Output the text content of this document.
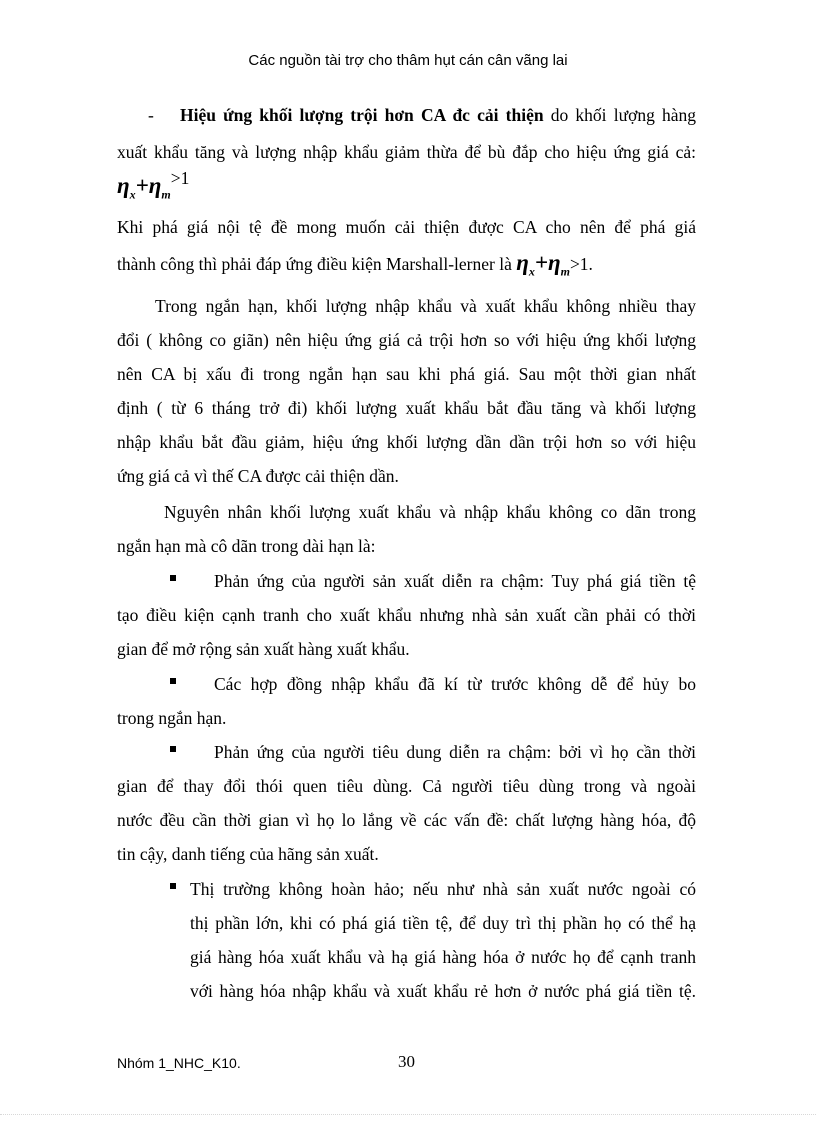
Các nguồn tài trợ cho thâm hụt cán cân vãng lai
- Hiệu ứng khối lượng trội hơn CA đc cải thiện do khối lượng hàng
xuất khẩu tăng và lượng nhập khẩu giảm thừa để bù đắp cho hiệu ứng giá cả:
$\eta_x+\eta_m>1$
Khi phá giá nội tệ đề mong muốn cải thiện được CA cho nên để phá giá
thành công thì phải đáp ứng điều kiện Marshall-lerner là $\eta_x+\eta_m>1$.
Trong ngắn hạn, khối lượng nhập khẩu và xuất khẩu không nhiều thay
đổi ( không co giãn) nên hiệu ứng giá cả trội hơn so với hiệu ứng khối lượng
nên CA bị xấu đi trong ngắn hạn sau khi phá giá. Sau một thời gian nhất
định ( từ 6 tháng trở đi) khối lượng xuất khẩu bắt đầu tăng và khối lượng
nhập khẩu bắt đầu giảm, hiệu ứng khối lượng dần dần trội hơn so với hiệu
ứng giá cả vì thế CA được cải thiện dần.
Nguyên nhân khối lượng xuất khẩu và nhập khẩu không co dãn trong
ngắn hạn mà cô dãn trong dài hạn là:
Phản ứng của người sản xuất diễn ra chậm: Tuy phá giá tiền tệ
tạo điều kiện cạnh tranh cho xuất khẩu nhưng nhà sản xuất cần phải có thời
gian để mở rộng sản xuất hàng xuất khẩu.
Các hợp đồng nhập khẩu đã kí từ trước không dễ để hủy bo
trong ngắn hạn.
Phản ứng của người tiêu dung diễn ra chậm: bởi vì họ cần thời
gian để thay đổi thói quen tiêu dùng. Cả người tiêu dùng trong và ngoài
nước đều cần thời gian vì họ lo lắng về các vấn đề: chất lượng hàng hóa, độ
tin cậy, danh tiếng của hãng sản xuất.
Thị trường không hoàn hảo; nếu như nhà sản xuất nước ngoài có
thị phần lớn, khi có phá giá tiền tệ, để duy trì thị phần họ có thể hạ
giá hàng hóa xuất khẩu và hạ giá hàng hóa ở nước họ để cạnh tranh
với hàng hóa nhập khẩu và xuất khẩu rẻ hơn ở nước phá giá tiền tệ.
Nhóm 1_NHC_K10.	30
